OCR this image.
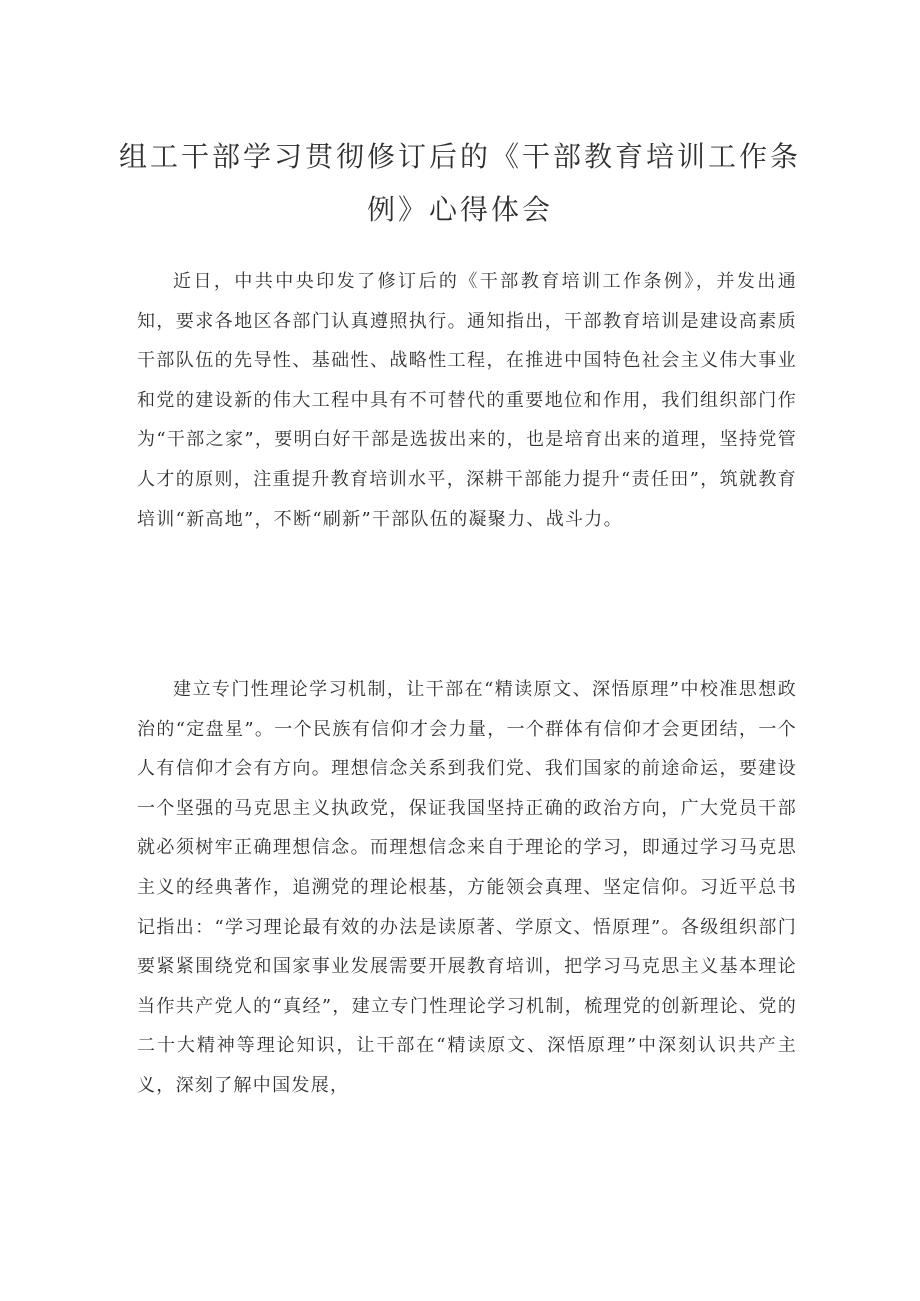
组工干部学习贯彻修订后的《干部教育培训工作条
例》心得体会

近日，中共中央印发了修订后的《干部教育培训工作条例》，并发出通知，要求各地区各部门认真遵照执行。通知指出，干部教育培训是建设高素质干部队伍的先导性、基础性、战略性工程，在推进中国特色社会主义伟大事业和党的建设新的伟大工程中具有不可替代的重要地位和作用，我们组织部门作为“干部之家”，要明白好干部是选拔出来的，也是培育出来的道理，坚持党管人才的原则，注重提升教育培训水平，深耕干部能力提升“责任田”，筑就教育培训“新高地”，不断“刷新”干部队伍的凝聚力、战斗力。

建立专门性理论学习机制，让干部在“精读原文、深悟原理”中校准思想政治的“定盘星”。一个民族有信仰才会力量，一个群体有信仰才会更团结，一个人有信仰才会有方向。理想信念关系到我们党、我们国家的前途命运，要建设一个坚强的马克思主义执政党，保证我国坚持正确的政治方向，广大党员干部就必须树牢正确理想信念。而理想信念来自于理论的学习，即通过学习马克思主义的经典著作，追溯党的理论根基，方能领会真理、坚定信仰。习近平总书记指出：“学习理论最有效的办法是读原著、学原文、悟原理”。各级组织部门要紧紧围绕党和国家事业发展需要开展教育培训，把学习马克思主义基本理论当作共产党人的“真经”，建立专门性理论学习机制，梳理党的创新理论、党的二十大精神等理论知识，让干部在“精读原文、深悟原理”中深刻认识共产主义，深刻了解中国发展，
